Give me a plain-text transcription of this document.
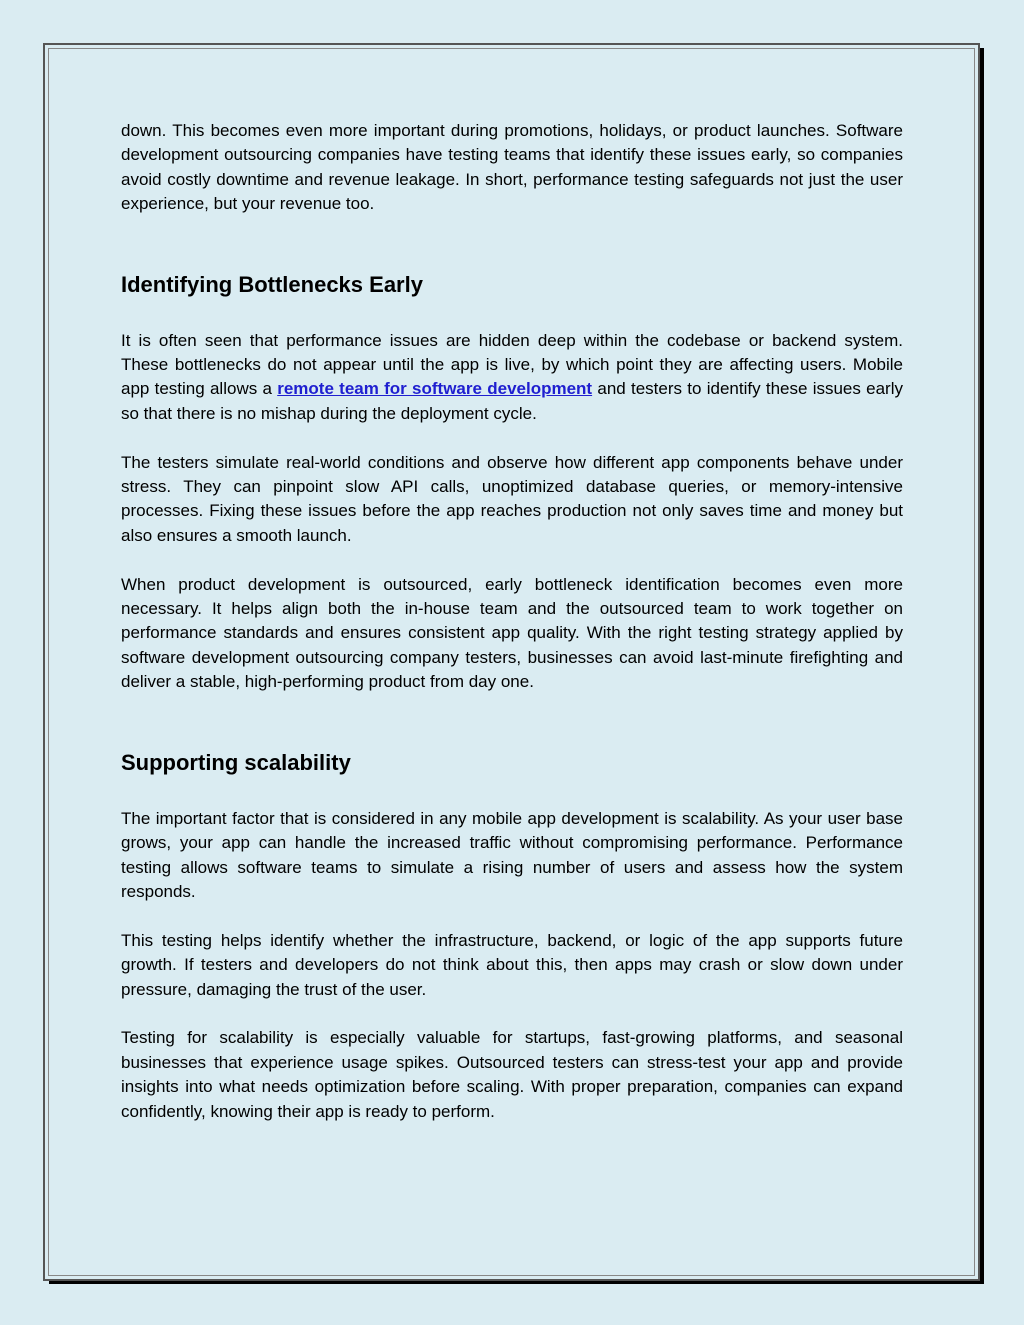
down. This becomes even more important during promotions, holidays, or product launches. Software development outsourcing companies have testing teams that identify these issues early, so companies avoid costly downtime and revenue leakage. In short, performance testing safeguards not just the user experience, but your revenue too.

Identifying Bottlenecks Early

It is often seen that performance issues are hidden deep within the codebase or backend system. These bottlenecks do not appear until the app is live, by which point they are affecting users. Mobile app testing allows a remote team for software development and testers to identify these issues early so that there is no mishap during the deployment cycle.

The testers simulate real-world conditions and observe how different app components behave under stress. They can pinpoint slow API calls, unoptimized database queries, or memory-intensive processes. Fixing these issues before the app reaches production not only saves time and money but also ensures a smooth launch.

When product development is outsourced, early bottleneck identification becomes even more necessary. It helps align both the in-house team and the outsourced team to work together on performance standards and ensures consistent app quality. With the right testing strategy applied by software development outsourcing company testers, businesses can avoid last-minute firefighting and deliver a stable, high-performing product from day one.

Supporting scalability

The important factor that is considered in any mobile app development is scalability. As your user base grows, your app can handle the increased traffic without compromising performance. Performance testing allows software teams to simulate a rising number of users and assess how the system responds.

This testing helps identify whether the infrastructure, backend, or logic of the app supports future growth. If testers and developers do not think about this, then apps may crash or slow down under pressure, damaging the trust of the user.

Testing for scalability is especially valuable for startups, fast-growing platforms, and seasonal businesses that experience usage spikes. Outsourced testers can stress-test your app and provide insights into what needs optimization before scaling. With proper preparation, companies can expand confidently, knowing their app is ready to perform.
